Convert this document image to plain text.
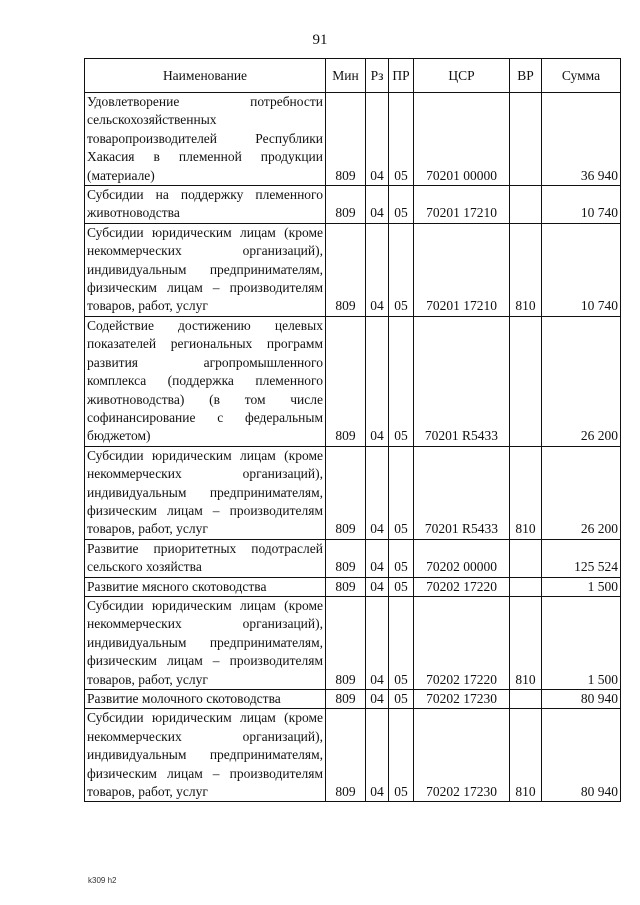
91
Наименование	Мин	Рз	ПР	ЦСР	ВР	Сумма
Удовлетворение потребности сельскохозяйственных товаропроизводителей Республики Хакасия в племенной продукции (материале)	809	04	05	70201 00000		36 940
Субсидии на поддержку племенного животноводства	809	04	05	70201 17210		10 740
Субсидии юридическим лицам (кроме некоммерческих организаций), индивидуальным предпринимателям, физическим лицам – производителям товаров, работ, услуг	809	04	05	70201 17210	810	10 740
Содействие достижению целевых показателей региональных программ развития агропромышленного комплекса (поддержка племенного животноводства) (в том числе софинансирование с федеральным бюджетом)	809	04	05	70201 R5433		26 200
Субсидии юридическим лицам (кроме некоммерческих организаций), индивидуальным предпринимателям, физическим лицам – производителям товаров, работ, услуг	809	04	05	70201 R5433	810	26 200
Развитие приоритетных подотраслей сельского хозяйства	809	04	05	70202 00000		125 524
Развитие мясного скотоводства	809	04	05	70202 17220		1 500
Субсидии юридическим лицам (кроме некоммерческих организаций), индивидуальным предпринимателям, физическим лицам – производителям товаров, работ, услуг	809	04	05	70202 17220	810	1 500
Развитие молочного скотоводства	809	04	05	70202 17230		80 940
Субсидии юридическим лицам (кроме некоммерческих организаций), индивидуальным предпринимателям, физическим лицам – производителям товаров, работ, услуг	809	04	05	70202 17230	810	80 940
k309 h2
